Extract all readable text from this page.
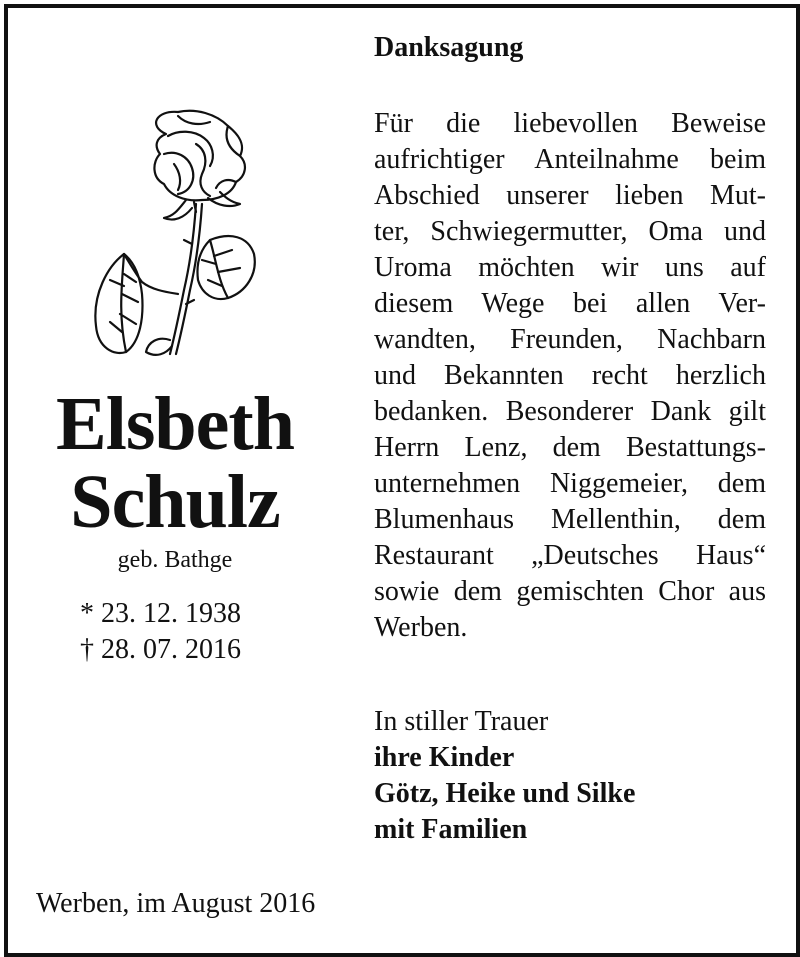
Elsbeth
Schulz
geb. Bathge
* 23. 12. 1938
† 28. 07. 2016
Werben, im August 2016
Danksagung
Für die liebevollen Beweise
aufrichtiger Anteilnahme beim
Abschied unserer lieben Mut-
ter, Schwiegermutter, Oma und
Uroma möchten wir uns auf
diesem Wege bei allen Ver-
wandten, Freunden, Nachbarn
und Bekannten recht herzlich
bedanken. Besonderer Dank gilt
Herrn Lenz, dem Bestattungs-
unternehmen Niggemeier, dem
Blumenhaus Mellenthin, dem
Restaurant „Deutsches Haus“
sowie dem gemischten Chor aus
Werben.
In stiller Trauer
ihre Kinder
Götz, Heike und Silke
mit Familien
